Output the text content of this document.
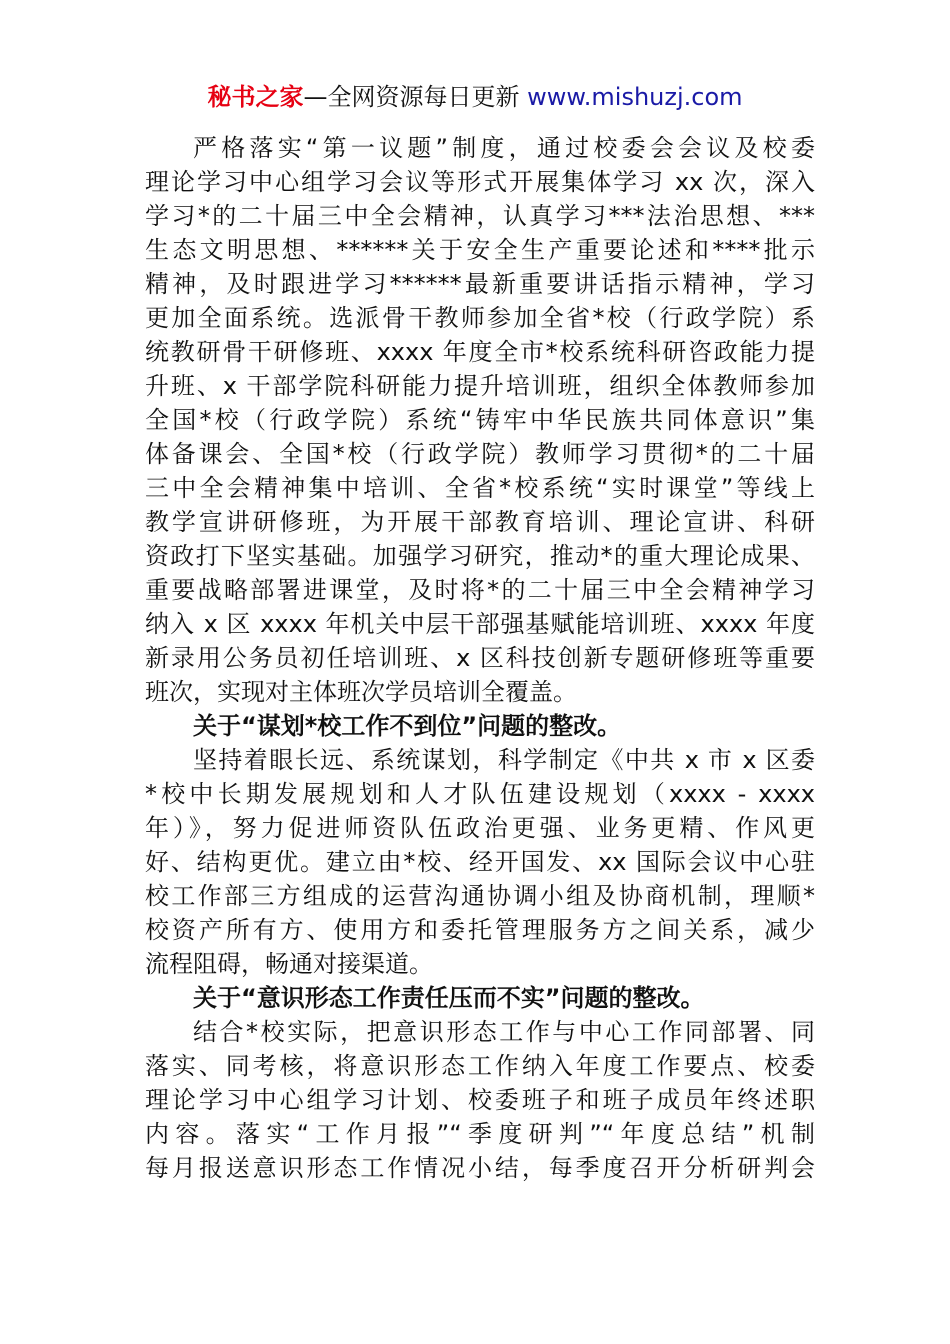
秘书之家—全网资源每日更新 www.mishuzj.com
严格落实“第一议题”制度，通过校委会会议及校委
理论学习中心组学习会议等形式开展集体学习 xx 次，深入
学习*的二十届三中全会精神，认真学习***法治思想、***
生态文明思想、******关于安全生产重要论述和****批示
精神，及时跟进学习******最新重要讲话指示精神，学习
更加全面系统。选派骨干教师参加全省*校（行政学院）系
统教研骨干研修班、xxxx 年度全市*校系统科研咨政能力提
升班、x 干部学院科研能力提升培训班，组织全体教师参加
全国*校（行政学院）系统“铸牢中华民族共同体意识”集
体备课会、全国*校（行政学院）教师学习贯彻*的二十届
三中全会精神集中培训、全省*校系统“实时课堂”等线上
教学宣讲研修班，为开展干部教育培训、理论宣讲、科研
资政打下坚实基础。加强学习研究，推动*的重大理论成果、
重要战略部署进课堂，及时将*的二十届三中全会精神学习
纳入 x 区 xxxx 年机关中层干部强基赋能培训班、xxxx 年度
新录用公务员初任培训班、x 区科技创新专题研修班等重要
班次，实现对主体班次学员培训全覆盖。
关于“谋划*校工作不到位”问题的整改。
坚持着眼长远、系统谋划，科学制定《中共 x 市 x 区委
*校中长期发展规划和人才队伍建设规划（xxxx - xxxx
年）》，努力促进师资队伍政治更强、业务更精、作风更
好、结构更优。建立由*校、经开国发、xx 国际会议中心驻
校工作部三方组成的运营沟通协调小组及协商机制，理顺*
校资产所有方、使用方和委托管理服务方之间关系，减少
流程阻碍，畅通对接渠道。
关于“意识形态工作责任压而不实”问题的整改。
结合*校实际，把意识形态工作与中心工作同部署、同
落实、同考核，将意识形态工作纳入年度工作要点、校委
理论学习中心组学习计划、校委班子和班子成员年终述职
内容。落实“工作月报”“季度研判”“年度总结”机制
每月报送意识形态工作情况小结，每季度召开分析研判会
